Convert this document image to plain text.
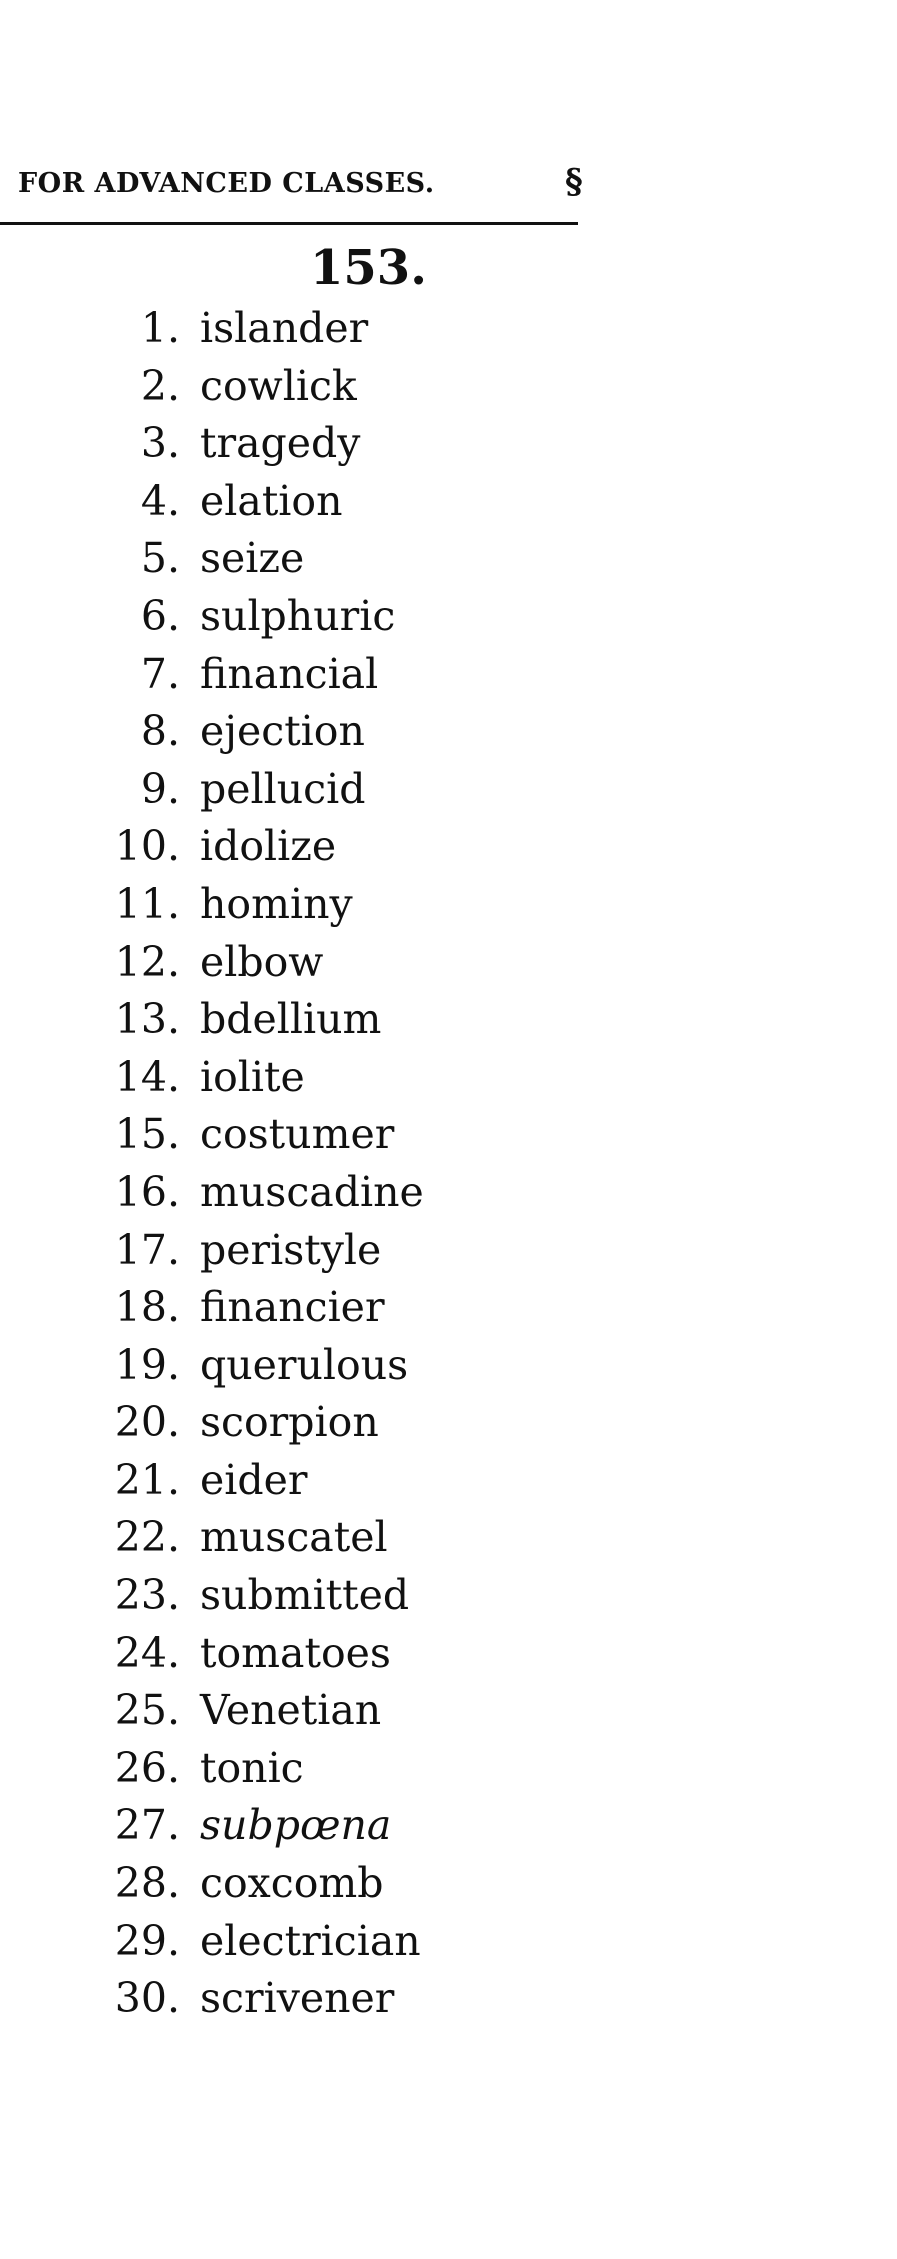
FOR ADVANCED CLASSES.	§
153.
1. islander
2. cowlick
3. tragedy
4. elation
5. seize
6. sulphuric
7. financial
8. ejection
9. pellucid
10. idolize
11. hominy
12. elbow
13. bdellium
14. iolite
15. costumer
16. muscadine
17. peristyle
18. financier
19. querulous
20. scorpion
21. eider
22. muscatel
23. submitted
24. tomatoes
25. Venetian
26. tonic
27. subpœna
28. coxcomb
29. electrician
30. scrivener
